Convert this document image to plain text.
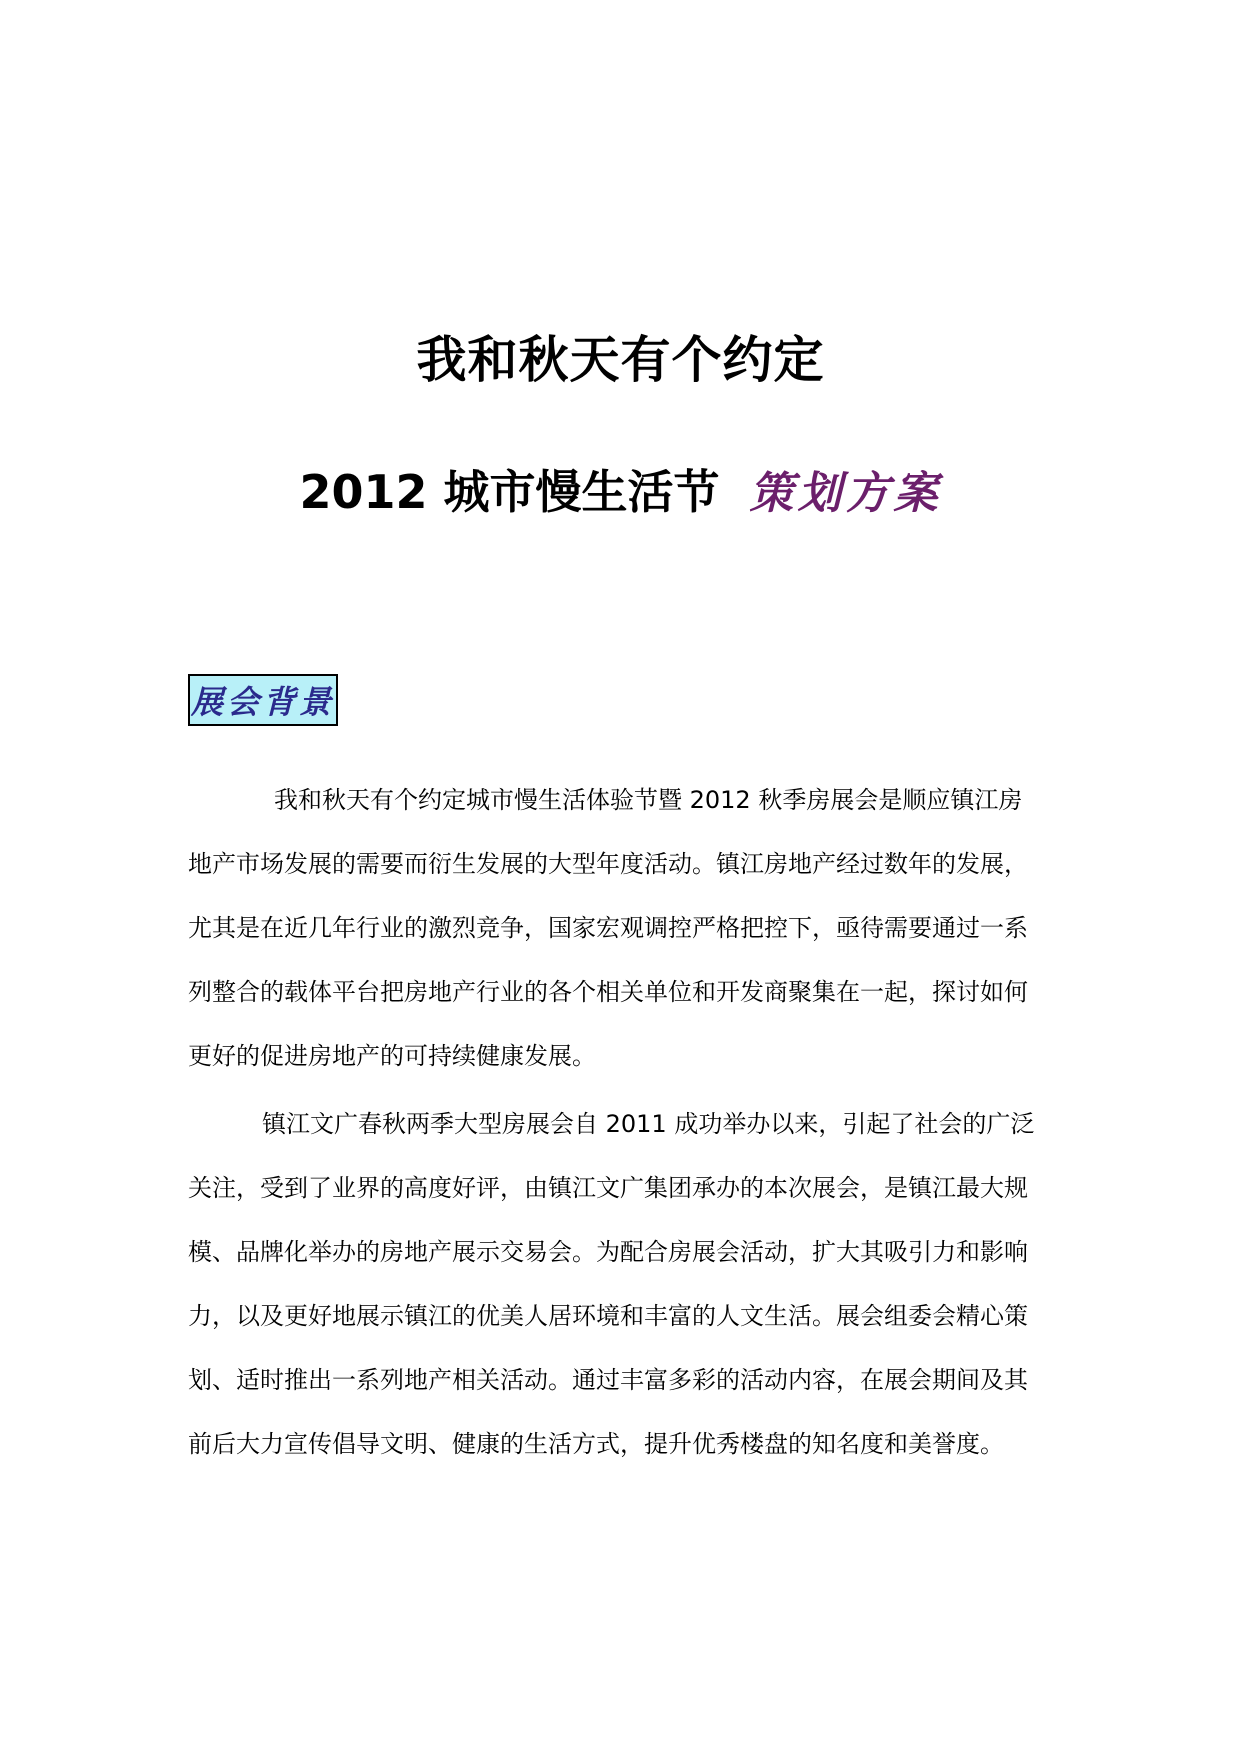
我和秋天有个约定
2012 城市慢生活节 策划方案
展会背景
我和秋天有个约定城市慢生活体验节暨 2012 秋季房展会是顺应镇江房
地产市场发展的需要而衍生发展的大型年度活动。镇江房地产经过数年的发展，
尤其是在近几年行业的激烈竞争，国家宏观调控严格把控下，亟待需要通过一系
列整合的载体平台把房地产行业的各个相关单位和开发商聚集在一起，探讨如何
更好的促进房地产的可持续健康发展。
镇江文广春秋两季大型房展会自 2011 成功举办以来，引起了社会的广泛
关注，受到了业界的高度好评，由镇江文广集团承办的本次展会，是镇江最大规
模、品牌化举办的房地产展示交易会。为配合房展会活动，扩大其吸引力和影响
力，以及更好地展示镇江的优美人居环境和丰富的人文生活。展会组委会精心策
划、适时推出一系列地产相关活动。通过丰富多彩的活动内容，在展会期间及其
前后大力宣传倡导文明、健康的生活方式，提升优秀楼盘的知名度和美誉度。
